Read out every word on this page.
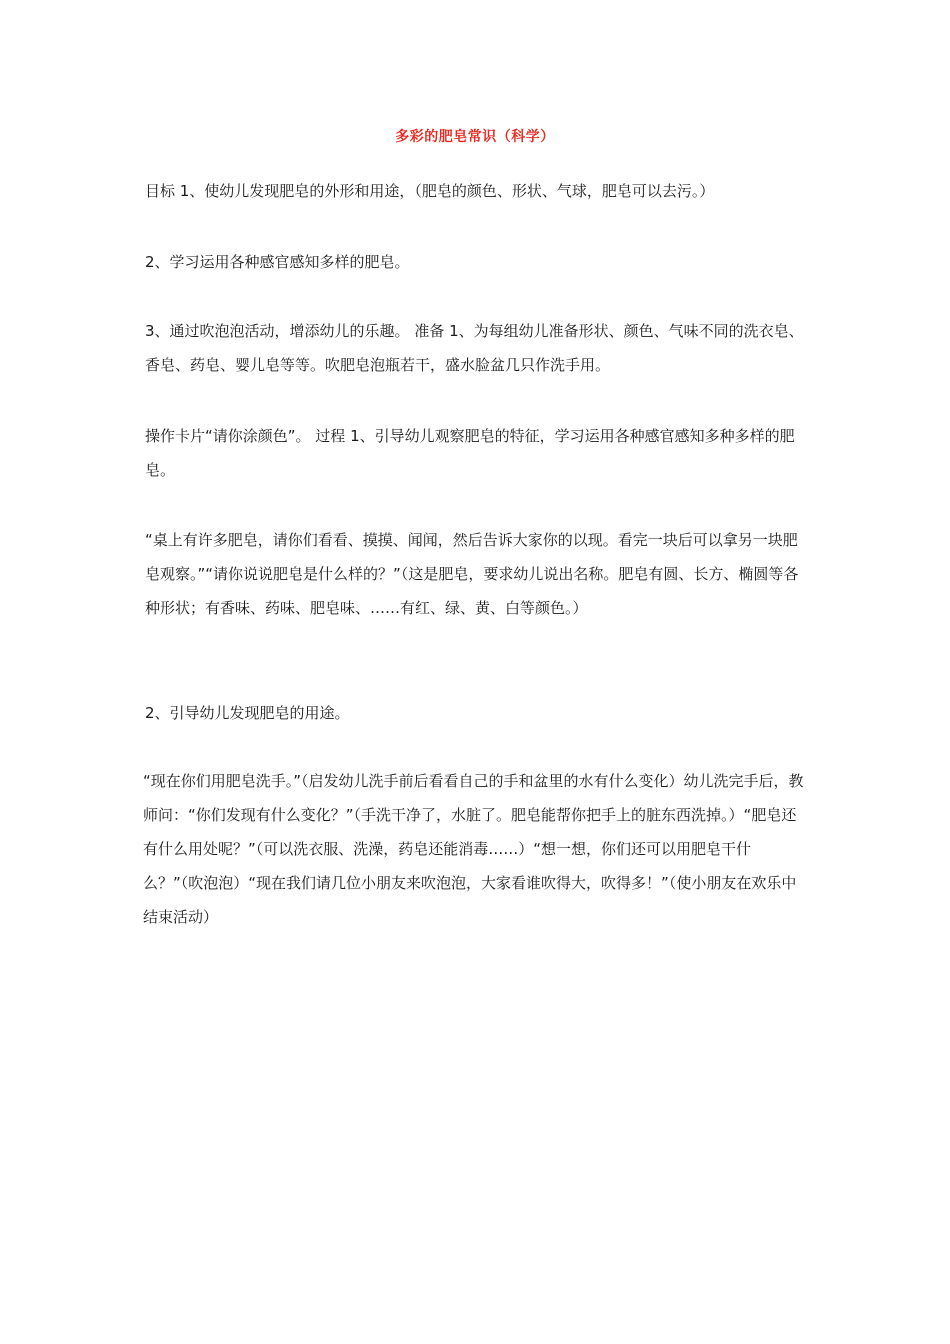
多彩的肥皂常识（科学）

目标 1、使幼儿发现肥皂的外形和用途，（肥皂的颜色、形状、气球，肥皂可以去污。）

2、学习运用各种感官感知多样的肥皂。

3、通过吹泡泡活动，增添幼儿的乐趣。 准备 1、为每组幼儿准备形状、颜色、气味不同的洗衣皂、香皂、药皂、婴儿皂等等。吹肥皂泡瓶若干，盛水脸盆几只作洗手用。

操作卡片“请你涂颜色”。 过程 1、引导幼儿观察肥皂的特征，学习运用各种感官感知多种多样的肥皂。

“桌上有许多肥皂，请你们看看、摸摸、闻闻，然后告诉大家你的以现。看完一块后可以拿另一块肥皂观察。”“请你说说肥皂是什么样的？”（这是肥皂，要求幼儿说出名称。肥皂有圆、长方、椭圆等各种形状；有香味、药味、肥皂味、……有红、绿、黄、白等颜色。）

2、引导幼儿发现肥皂的用途。

“现在你们用肥皂洗手。”（启发幼儿洗手前后看看自己的手和盆里的水有什么变化）幼儿洗完手后，教师问：“你们发现有什么变化？”（手洗干净了，水脏了。肥皂能帮你把手上的脏东西洗掉。）“肥皂还有什么用处呢？”（可以洗衣服、洗澡，药皂还能消毒……）“想一想，你们还可以用肥皂干什么？”（吹泡泡）“现在我们请几位小朋友来吹泡泡，大家看谁吹得大，吹得多！”（使小朋友在欢乐中结束活动）
